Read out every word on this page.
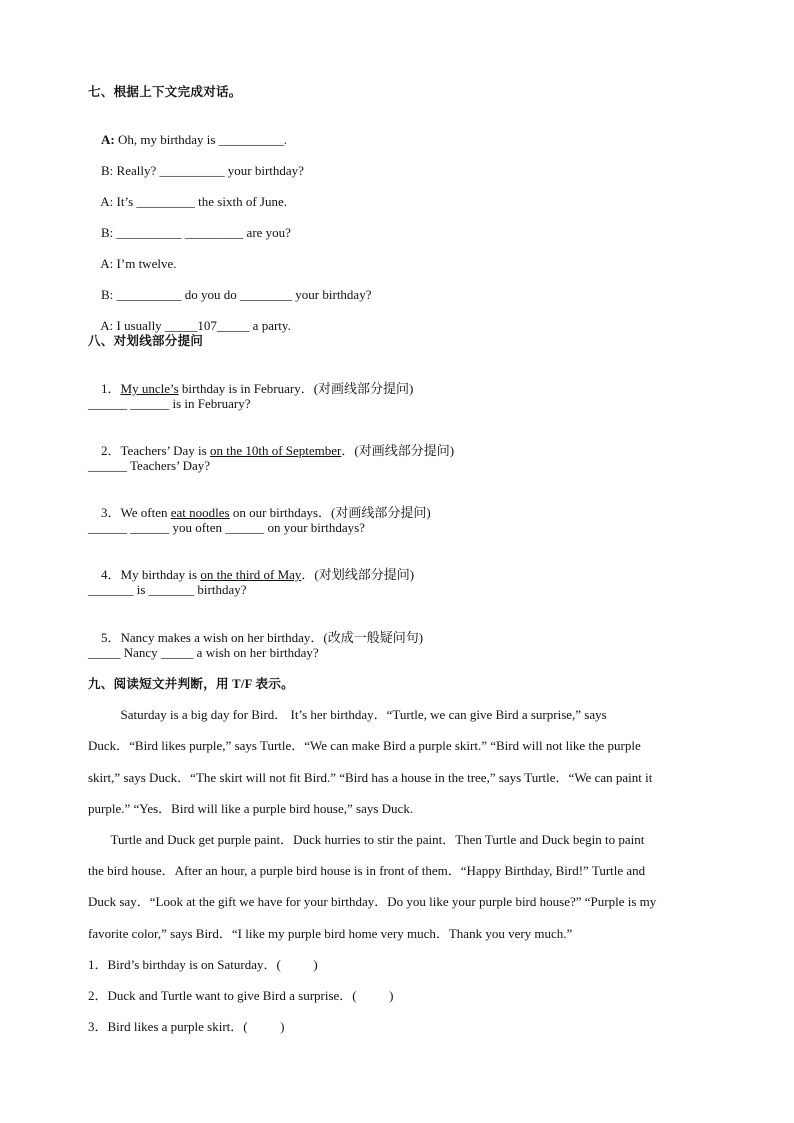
七、根据上下文完成对话。

A: Oh, my birthday is __________.

B: Really? __________ your birthday?

A: It’s _________ the sixth of June.

B: __________ _________ are you?

A: I’m twelve.

B: __________ do you do ________ your birthday?

A: I usually _____107_____ a party.

八、对划线部分提问

1．My uncle’s birthday is in February．(对画线部分提问)

______ ______ is in February?

2．Teachers’ Day is on the 10th of September．(对画线部分提问)

______ Teachers’ Day?

3．We often eat noodles on our birthdays．(对画线部分提问)

______ ______ you often ______ on your birthdays?

4．My birthday is on the third of May．(对划线部分提问)

_______ is _______ birthday?

5．Nancy makes a wish on her birthday．(改成一般疑问句)

_____ Nancy _____ a wish on her birthday?
九、阅读短文并判断，用 T/F 表示。
Saturday is a big day for Bird． It’s her birthday．“Turtle, we can give Bird a surprise,” says
Duck．“Bird likes purple,” says Turtle．“We can make Bird a purple skirt.” “Bird will not like the purple
skirt,” says Duck．“The skirt will not fit Bird.” “Bird has a house in the tree,” says Turtle．“We can paint it
purple.” “Yes．Bird will like a purple bird house,” says Duck.
Turtle and Duck get purple paint．Duck hurries to stir the paint．Then Turtle and Duck begin to paint
the bird house．After an hour, a purple bird house is in front of them．“Happy Birthday, Bird!” Turtle and
Duck say．“Look at the gift we have for your birthday．Do you like your purple bird house?” “Purple is my
favorite color,” says Bird．“I like my purple bird home very much．Thank you very much.”
1．Bird’s birthday is on Saturday．(          )
2．Duck and Turtle want to give Bird a surprise．(          )
3．Bird likes a purple skirt．(          )
